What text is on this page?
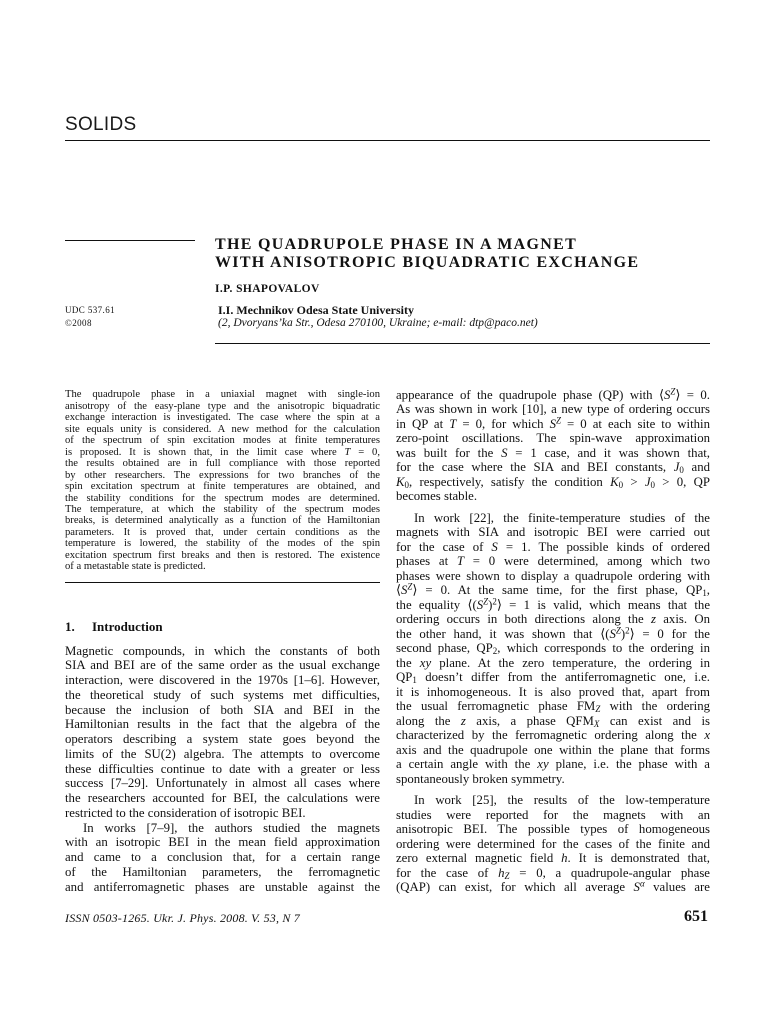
SOLIDS
THE QUADRUPOLE PHASE IN A MAGNET
WITH ANISOTROPIC BIQUADRATIC EXCHANGE
I.P. SHAPOVALOV
UDC 537.61
©2008
I.I. Mechnikov Odesa State University
(2, Dvoryans’ka Str., Odesa 270100, Ukraine; e-mail: dtp@paco.net)
The quadrupole phase in a uniaxial magnet with single-ion
anisotropy of the easy-plane type and the anisotropic biquadratic
exchange interaction is investigated. The case where the spin at a
site equals unity is considered. A new method for the calculation
of the spectrum of spin excitation modes at finite temperatures
is proposed. It is shown that, in the limit case where T = 0,
the results obtained are in full compliance with those reported
by other researchers. The expressions for two branches of the
spin excitation spectrum at finite temperatures are obtained, and
the stability conditions for the spectrum modes are determined.
The temperature, at which the stability of the spectrum modes
breaks, is determined analytically as a function of the Hamiltonian
parameters. It is proved that, under certain conditions as the
temperature is lowered, the stability of the modes of the spin
excitation spectrum first breaks and then is restored. The existence
of a metastable state is predicted.
1. Introduction
Magnetic compounds, in which the constants of both
SIA and BEI are of the same order as the usual exchange
interaction, were discovered in the 1970s [1–6]. However,
the theoretical study of such systems met difficulties,
because the inclusion of both SIA and BEI in the
Hamiltonian results in the fact that the algebra of the
operators describing a system state goes beyond the
limits of the SU(2) algebra. The attempts to overcome
these difficulties continue to date with a greater or less
success [7–29]. Unfortunately in almost all cases where
the researchers accounted for BEI, the calculations were
restricted to the consideration of isotropic BEI.
In works [7–9], the authors studied the magnets
with an isotropic BEI in the mean field approximation
and came to a conclusion that, for a certain range
of the Hamiltonian parameters, the ferromagnetic
and antiferromagnetic phases are unstable against the
appearance of the quadrupole phase (QP) with $⟨S^Z⟩ = 0$.
As was shown in work [10], a new type of ordering occurs
in QP at T = 0, for which $S^Z = 0$ at each site to within
zero-point oscillations. The spin-wave approximation
was built for the S = 1 case, and it was shown that,
for the case where the SIA and BEI constants, $J_0$ and
$K_0$, respectively, satisfy the condition $K_0 > J_0 > 0$, QP
becomes stable.
In work [22], the finite-temperature studies of the
magnets with SIA and isotropic BEI were carried out
for the case of S = 1. The possible kinds of ordered
phases at T = 0 were determined, among which two
phases were shown to display a quadrupole ordering with
$⟨S^Z⟩ = 0$. At the same time, for the first phase, $QP_1$,
the equality $⟨(S^Z)^2⟩ = 1$ is valid, which means that the
ordering occurs in both directions along the z axis. On
the other hand, it was shown that $⟨(S^Z)^2⟩ = 0$ for the
second phase, $QP_2$, which corresponds to the ordering in
the xy plane. At the zero temperature, the ordering in
$QP_1$ doesn’t differ from the antiferromagnetic one, i.e.
it is inhomogeneous. It is also proved that, apart from
the usual ferromagnetic phase FMZ with the ordering
along the z axis, a phase QFMX can exist and is
characterized by the ferromagnetic ordering along the x
axis and the quadrupole one within the plane that forms
a certain angle with the xy plane, i.e. the phase with a
spontaneously broken symmetry.
In work [25], the results of the low-temperature
studies were reported for the magnets with an
anisotropic BEI. The possible types of homogeneous
ordering were determined for the cases of the finite and
zero external magnetic field h. It is demonstrated that,
for the case of hZ = 0, a quadrupole-angular phase
(QAP) can exist, for which all average $S^\alpha$ values are
ISSN 0503-1265. Ukr. J. Phys. 2008. V. 53, N 7	651
